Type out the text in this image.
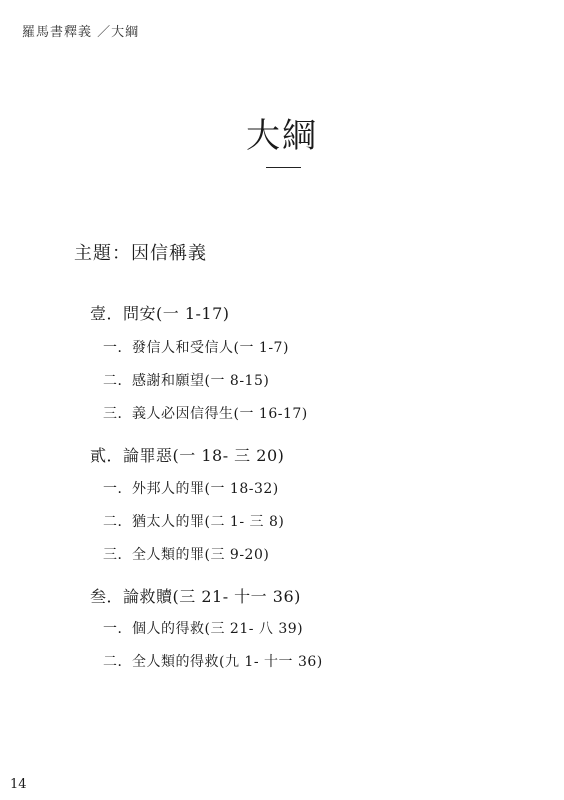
羅馬書釋義 ／大綱
大綱
主題：因信稱義
壹．問安(一 1-17)
一．發信人和受信人(一 1-7)
二．感謝和願望(一 8-15)
三．義人必因信得生(一 16-17)
貳．論罪惡(一 18- 三 20)
一．外邦人的罪(一 18-32)
二．猶太人的罪(二 1- 三 8)
三．全人類的罪(三 9-20)
叁．論救贖(三 21- 十一 36)
一．個人的得救(三 21- 八 39)
二．全人類的得救(九 1- 十一 36)
14
